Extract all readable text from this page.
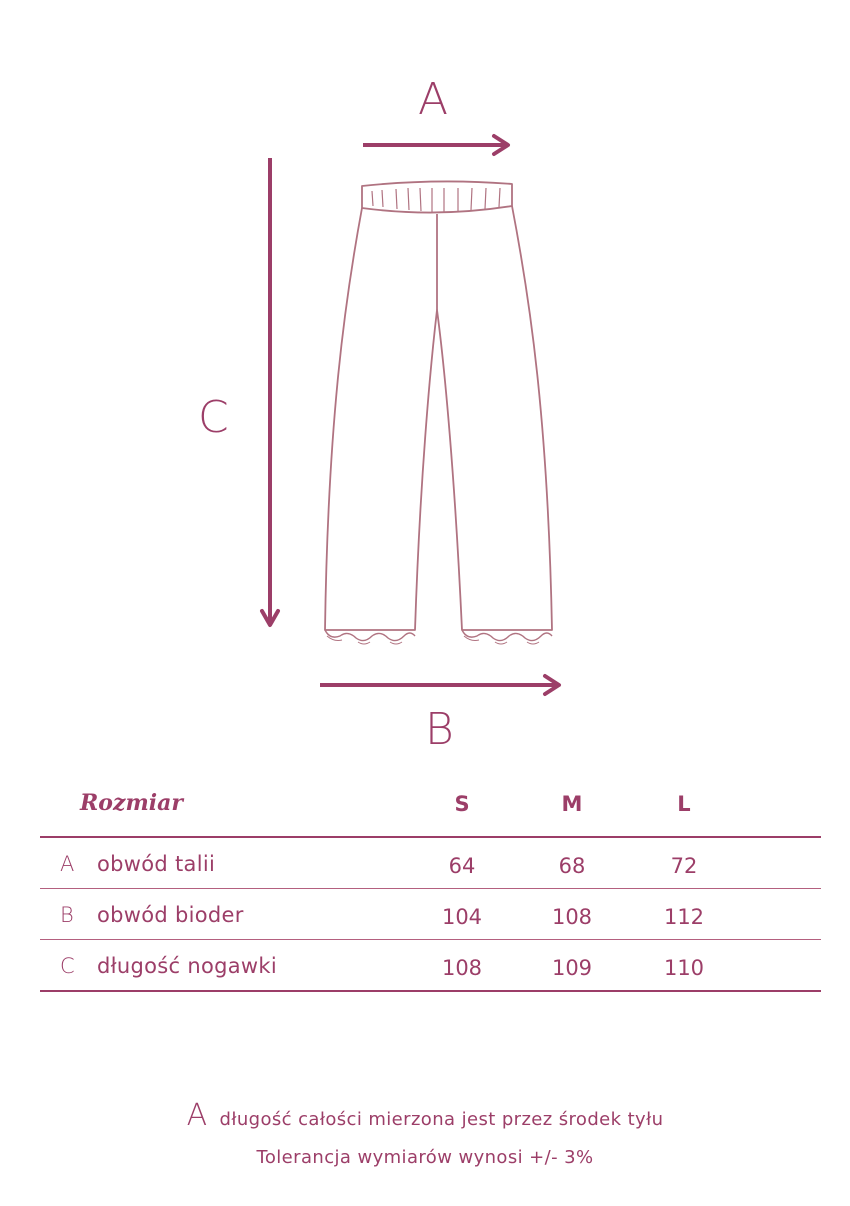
A
C
B
Rozmiar	S	M	L
A obwód talii	64	68	72
B obwód bioder	104	108	112
C długość nogawki	108	109	110
A długość całości mierzona jest przez środek tyłu
Tolerancja wymiarów wynosi +/- 3%
